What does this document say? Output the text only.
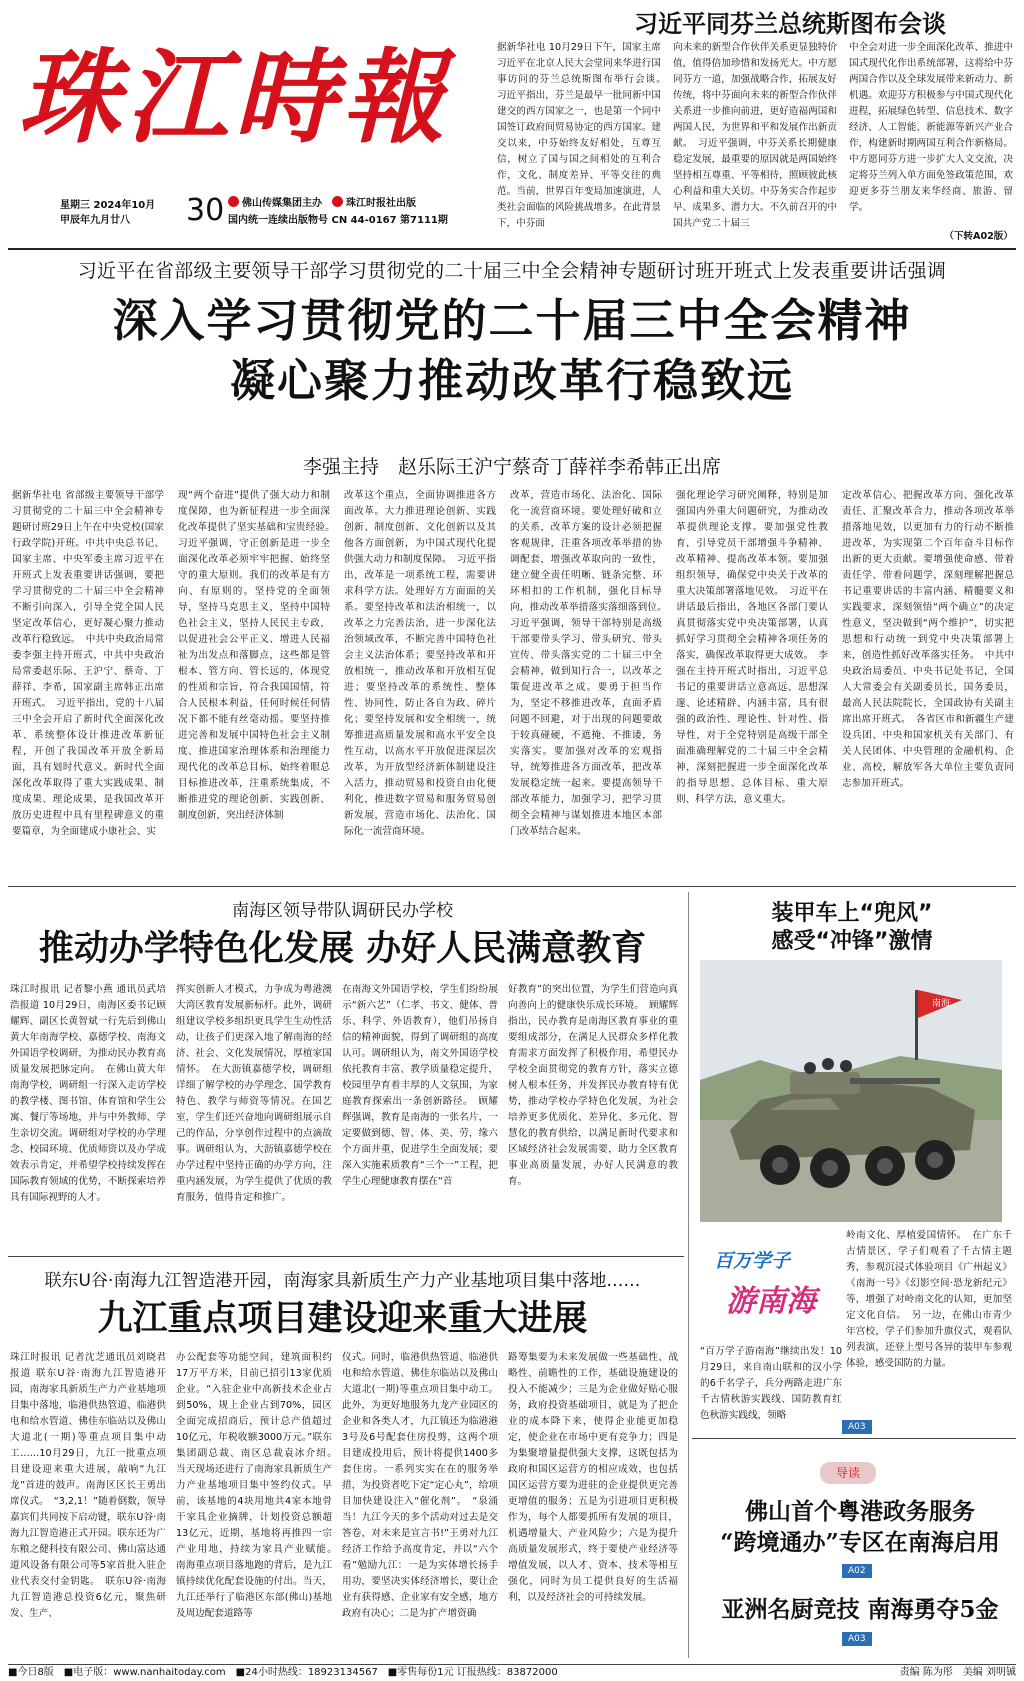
珠江時報
星期三 2024年10月
甲辰年九月廿八	30	佛山传媒集团主办	珠江时报社出版
国内统一连续出版物号 CN 44-0167 第7111期
习近平同芬兰总统斯图布会谈
据新华社电 10月29日下午，国家主席习近平在北京人民大会堂同来华进行国事访问的芬兰总统斯图布举行会谈。　习近平指出，芬兰是最早一批同新中国建交的西方国家之一，也是第一个同中国签订政府间贸易协定的西方国家。建交以来，中芬始终友好相处，互尊互信，树立了国与国之间相处的互利合作，文化、制度差异、平等交往的典范。当前，世界百年变局加速演进，人类社会面临的风险挑战增多。在此背景下，中芬面
向未来的新型合作伙伴关系更显独特价值，值得倍加珍惜和发扬光大。中方愿同芬方一道，加强战略合作，拓展友好传统，将中芬面向未来的新型合作伙伴关系进一步推向前进，更好造福两国和两国人民，为世界和平和发展作出新贡献。　习近平强调，中芬关系长期健康稳定发展，最重要的原因就是两国始终坚持相互尊重、平等相待，照顾彼此核心利益和重大关切。中芬务实合作起步早、成果多、潜力大。不久前召开的中国共产党二十届三
中全会对进一步全面深化改革、推进中国式现代化作出系统部署，这将给中芬两国合作以及全球发展带来新动力、新机遇。欢迎芬方积极参与中国式现代化进程，拓展绿色转型、信息技术、数字经济、人工智能、新能源等新兴产业合作，构建新时期两国互利合作新格局。中方愿同芬方进一步扩大人文交流，决定将芬兰列入单方面免签政策范围，欢迎更多芬兰朋友来华经商、旅游、留学。
（下转A02版）
习近平在省部级主要领导干部学习贯彻党的二十届三中全会精神专题研讨班开班式上发表重要讲话强调
深入学习贯彻党的二十届三中全会精神
凝心聚力推动改革行稳致远
李强主持　赵乐际王沪宁蔡奇丁薛祥李希韩正出席
据新华社电 省部级主要领导干部学习贯彻党的二十届三中全会精神专题研讨班29日上午在中央党校(国家行政学院)开班。中共中央总书记、国家主席、中央军委主席习近平在开班式上发表重要讲话强调，要把学习贯彻党的二十届三中全会精神不断引向深入，引导全党全国人民坚定改革信心，更好凝心聚力推动改革行稳致远。　中共中央政治局常委李强主持开班式，中共中央政治局常委赵乐际、王沪宁、蔡奇、丁薛祥、李希，国家副主席韩正出席开班式。　习近平指出，党的十八届三中全会开启了新时代全面深化改革、系统整体设计推进改革新征程，开创了我国改革开放全新局面，具有划时代意义。新时代全面深化改革取得了重大实践成果、制度成果、理论成果，是我国改革开放历史进程中具有里程碑意义的重要篇章，为全面建成小康社会、实
现“两个奋进”提供了强大动力和制度保障，也为新征程进一步全面深化改革提供了坚实基础和宝贵经验。　习近平强调，守正创新是进一步全面深化改革必须牢牢把握、始终坚守的重大原则。我们的改革是有方向、有原则的。坚持党的全面领导，坚持马克思主义，坚持中国特色社会主义，坚持人民民主专政，以促进社会公平正义、增进人民福祉为出发点和落脚点，这些都是管根本、管方向、管长远的，体现党的性质和宗旨，符合我国国情，符合人民根本利益，任何时候任何情况下都不能有丝毫动摇。要坚持推进完善和发展中国特色社会主义制度、推进国家治理体系和治理能力现代化的改革总目标，始终着眼总目标推进改革，注重系统集成，不断推进党的理论创新、实践创新、制度创新，突出经济体制
改革这个重点，全面协调推进各方面改革。大力推进理论创新、实践创新、制度创新、文化创新以及其他各方面创新，为中国式现代化提供强大动力和制度保障。　习近平指出，改革是一项系统工程，需要讲求科学方法。处理好方方面面的关系。要坚持改革和法治相统一，以改革之力完善法治，进一步深化法治领域改革，不断完善中国特色社会主义法治体系；要坚持改革和开放相统一，推动改革和开放相互促进；要坚持改革的系统性、整体性、协同性，防止各自为政、碎片化；要坚持发展和安全相统一，统筹推进高质量发展和高水平安全良性互动，以高水平开放促进深层次改革，为开放型经济新体制建设注入活力，推动贸易和投资自由化便利化，推进数字贸易和服务贸易创新发展，营造市场化、法治化、国际化一流营商环境。
改革，营造市场化、法治化、国际化一流营商环境。要处理好破和立的关系，改革方案的设计必须把握客观规律，注重各项改革举措的协调配套，增强改革取向的一致性，建立健全责任明晰、链条完整、环环相扣的工作机制，强化目标导向，推动改革举措落实落细落到位。　习近平强调，领导干部特别是高级干部要带头学习、带头研究、带头宣传、带头落实党的二十届三中全会精神，做到知行合一，以改革之策促进改革之成。要勇于担当作为，坚定不移推进改革，直面矛盾问题不回避，对于出现的问题要敢于较真碰硬，不遮掩、不推诿，务实落实。要加强对改革的宏观指导，统筹推进各方面改革，把改革发展稳定统一起来。要提高领导干部改革能力，加强学习，把学习贯彻全会精神与谋划推进本地区本部门改革结合起来。
强化理论学习研究阐释，特别是加强国内外重大问题研究，为推动改革提供理论支撑。要加强党性教育，引导党员干部增强斗争精神、改革精神、提高改革本领。要加强组织领导，确保党中央关于改革的重大决策部署落地见效。　习近平在讲话最后指出，各地区各部门要认真贯彻落实党中央决策部署，认真抓好学习贯彻全会精神各项任务的落实，确保改革取得更大成效。　李强在主持开班式时指出，习近平总书记的重要讲话立意高远、思想深邃、论述精辟、内涵丰富，具有很强的政治性、理论性、针对性、指导性，对于全党特别是高级干部全面准确理解党的二十届三中全会精神，深刻把握进一步全面深化改革的指导思想、总体目标、重大原则、科学方法，意义重大。
定改革信心、把握改革方向、强化改革责任、汇聚改革合力，推动各项改革举措落地见效，以更加有力的行动不断推进改革，为实现第二个百年奋斗目标作出新的更大贡献。要增强使命感、带着责任学、带着问题学，深刻理解把握总书记重要讲话的丰富内涵、精髓要义和实践要求，深刻领悟“两个确立”的决定性意义，坚决做到“两个维护”，切实把思想和行动统一到党中央决策部署上来，创造性抓好改革落实任务。　中共中央政治局委员、中央书记处书记，全国人大常委会有关副委员长，国务委员，最高人民法院院长，全国政协有关副主席出席开班式。　各省区市和新疆生产建设兵团、中央和国家机关有关部门、有关人民团体、中央管理的金融机构、企业、高校，解放军各大单位主要负责同志参加开班式。
南海区领导带队调研民办学校
推动办学特色化发展 办好人民满意教育
珠江时报讯 记者黎小燕 通讯员武培浩报道 10月29日，南海区委书记顾耀辉、副区长黄智斌一行先后到佛山黄大年南海学校、嘉德学校、南海文外国语学校调研，为推动民办教育高质量发展把脉定向。　在佛山黄大年南海学校，调研组一行深入走访学校的教学楼、图书馆、体育馆和学生公寓、餐厅等场地，并与中外教师、学生亲切交流。调研组对学校的办学理念、校园环境、优质师资以及办学成效表示肯定，并希望学校持续发挥在国际教育领域的优势，不断探索培养具有国际视野的人才。
挥实创新人才模式，力争成为粤港澳大湾区教育发展新标杆。此外，调研组建议学校多组织更具学生生动性活动，让孩子们更深入地了解南海的经济、社会、文化发展情况，厚植家国情怀。　在大沥镇嘉德学校，调研组详细了解学校的办学理念、国学教育特色、教学与师资等情况。在国艺室，学生们还兴奋地向调研组展示自己的作品，分享创作过程中的点滴故事。调研组认为，大沥镇嘉德学校在办学过程中坚持正确的办学方向，注重内涵发展，为学生提供了优质的教育服务，值得肯定和推广。
在南海文外国语学校，学生们纷纷展示“新六艺”（仁孝、书文、健体、普乐、科学、外语教育），他们吊扬自信的精神面貌，得到了调研组的高度认可。调研组认为，南文外国语学校依托教育丰富、教学质量稳定提升，校园里孕育着丰厚的人文氛围，为家庭教育探索出一条创新路径。　顾耀辉强调，教育是南海的一张名片，一定要做到德、智、体、美、劳，缘六个方面并重，促进学生全面发展；要深入实施素质教育“三个一”工程，把学生心理健康教育摆在“首
好教育”的突出位置，为学生们营造向真向善向上的健康快乐成长环境。　顾耀辉指出，民办教育是南海区教育事业的重要组成部分，在满足人民群众多样化教育需求方面发挥了积极作用，希望民办学校全面贯彻党的教育方针，落实立德树人根本任务，并发挥民办教育特有优势，推动学校办学特色化发展，为社会培养更多优质化、差异化、多元化、智慧化的教育供给，以满足新时代要求和区域经济社会发展需要，助力全区教育事业高质量发展，办好人民满意的教育。
联东U谷·南海九江智造港开园，南海家具新质生产力产业基地项目集中落地……
九江重点项目建设迎来重大进展
珠江时报讯 记者沈芝通讯员刘晓君报道 联东U谷·南海九江智造港开园，南海家具新质生产力产业基地项目集中落地，临港供热管道、临港供电和给水管道、佛佳东临站以及佛山大道北(一期)等重点项目集中动工……10月29日，九江一批重点项目建设迎来重大进展，敲响“九江龙”首进的鼓声。南海区区长王勇出席仪式。　“3,2,1！”随着倒数，领导嘉宾们共同按下启动键，联东U谷·南海九江智造港正式开园。联东还为广东粮之健科技有限公司、佛山富达通道风设备有限公司等5家首批入驻企业代表交付金钥匙。　联东U谷·南海九江智造港总投资6亿元，聚焦研发、生产、
办公配套等功能空间，建筑面积约17万平方米，目前已招引13家优质企业。“入驻企业中高新技术企业占到50%，规上企业占到70%，园区全面完成招商后，预计总产值超过10亿元，年税收额3000万元。”联东集团副总裁、南区总裁袁冰介绍。　当天现场还进行了南海家具新质生产力产业基地项目集中签约仪式。早前，该基地的4块用地共4家本地骨干家具企业摘牌，计划投资总额超13亿元，近期，基地将再推四一宗产业用地，持续为家具产业赋能。　南海重点项目落地跑的背后，是九江镇持续优化配套设施的付出。当天，九江还举行了临港区东部(佛山)基地及周边配套道路等
仪式。同时，临港供热管道、临港供电和给水管道、佛佳东临站以及佛山大道北(一期)等重点项目集中动工。此外，为更好地服务九龙产业园区的企业和各类人才，九江镇还为临港港3号及6号配套住房投剪，这两个项目建成投用后，预计将提供1400多套住房。一系列实实在在的服务举措，为投资者吃下定“定心丸”，给项目加快建设注入“催化剂”。　“泉涌当！九江今天的多个活动对过去是交答卷，对未来是宣言书!”王勇对九江经济工作给予高度肯定，并以“六个看”勉励九江：一是为实体增长扬手用功，要坚决实体经济增长，要让企业有获得感、企业家有安全感，地方政府有决心；二是为扩产增资确
路筹集要为未来发展做一些基础性、战略性、前瞻性的工作，基础设施建设的投入不能减少；三是为企业做好贴心服务，政府投资基础项目，就是为了把企业的成本降下来，使得企业能更加稳定，使企业在市场中更有竞争力；四是为集聚增量提供强大支撑，这既包括为政府和国区运营方的相应成效，也包括国区运营方要为进驻的企业提供更完善更增值的服务；五是为引进项目更积极作为，每个人都要抓所有发展的项目，机遇增量大、产业风险少；六是为提升高质量发展形式，终于要使产业经济等增值发展，以人才、资本、技术等相互强化，同时为员工提供良好的生活福利，以及经济社会的可持续发展。
装甲车上“兜风”
感受“冲锋”激情
南海
百万学子
游南海
岭南文化、厚植爱国情怀。　在广东千古情景区，学子们观看了千古情主题秀，参观沉浸式体验项目《广州起义》《南海一号》《幻影空间·恐龙新纪元》等，增强了对岭南文化的认知，更加坚定文化自信。　另一边，在佛山市青少年宫校，学子们参加升旗仪式，观看队列表演，还登上型号各异的装甲车参观体验，感受国防的力量。
“百万学子游南海”继续出发！10月29日，来自南山联和的汉小学的6千名学子，兵分两路走进广东千古情秋游实践线、国防教育红色秋游实践线，领略
A03
导读
佛山首个粤港政务服务
“跨境通办”专区在南海启用
A02
亚洲名厨竞技 南海勇夺5金
A03
■今日8版　■电子版：www.nanhaitoday.com　■24小时热线：18923134567　■零售每份1元 订报热线：83872000	责编 陈为彤　美编 刘明铖
